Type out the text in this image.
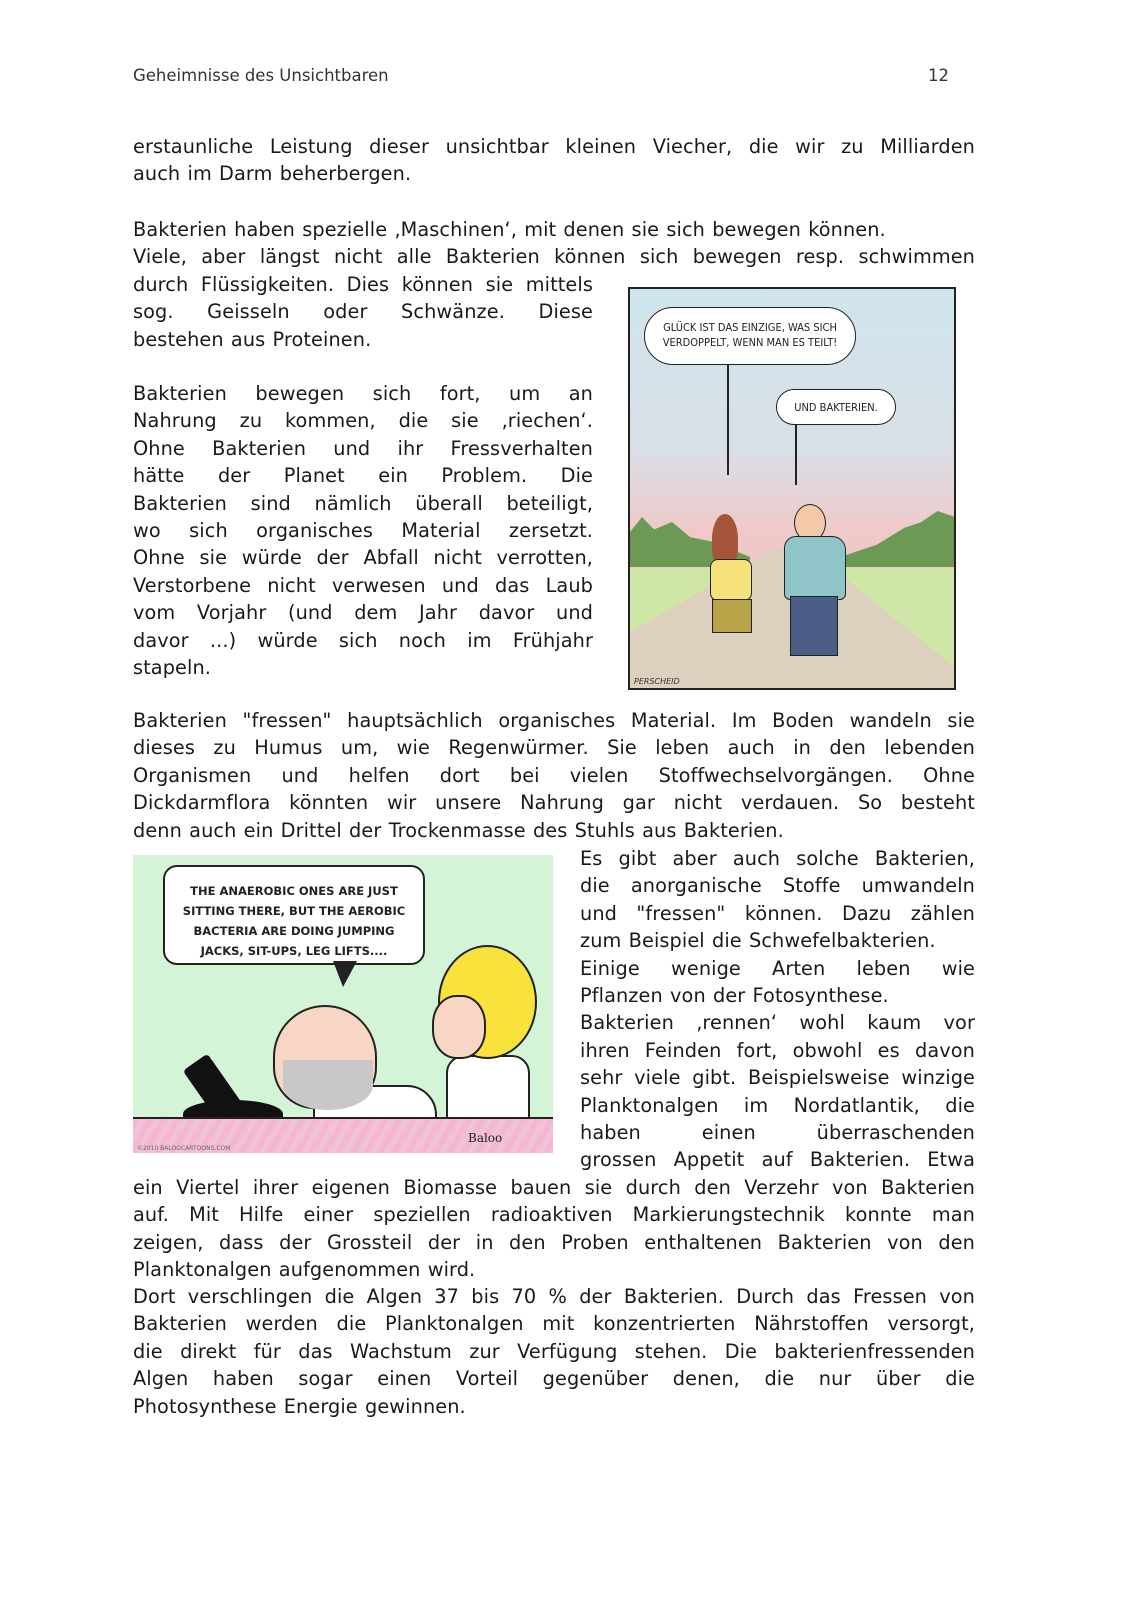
Geheimnisse des Unsichtbaren	12
erstaunliche Leistung dieser unsichtbar kleinen Viecher, die wir zu Milliarden
auch im Darm beherbergen.
Bakterien haben spezielle ‚Maschinen‘, mit denen sie sich bewegen können.
Viele, aber längst nicht alle Bakterien können sich bewegen resp. schwimmen
durch Flüssigkeiten. Dies können sie mittels
sog. Geisseln oder Schwänze. Diese
bestehen aus Proteinen.
Bakterien bewegen sich fort, um an
Nahrung zu kommen, die sie ‚riechen‘.
Ohne Bakterien und ihr Fressverhalten
hätte der Planet ein Problem. Die
Bakterien sind nämlich überall beteiligt,
wo sich organisches Material zersetzt.
Ohne sie würde der Abfall nicht verrotten,
Verstorbene nicht verwesen und das Laub
vom Vorjahr (und dem Jahr davor und
davor ...) würde sich noch im Frühjahr
stapeln.
GLÜCK IST DAS EINZIGE, WAS SICH VERDOPPELT, WENN MAN ES TEILT!
UND BAKTERIEN.
PERSCHEID
Bakterien "fressen" hauptsächlich organisches Material. Im Boden wandeln sie
dieses zu Humus um, wie Regenwürmer. Sie leben auch in den lebenden
Organismen und helfen dort bei vielen Stoffwechselvorgängen. Ohne
Dickdarmflora könnten wir unsere Nahrung gar nicht verdauen. So besteht
denn auch ein Drittel der Trockenmasse des Stuhls aus Bakterien.
THE ANAEROBIC ONES ARE JUST
SITTING THERE, BUT THE AEROBIC
BACTERIA ARE DOING JUMPING
JACKS, SIT-UPS, LEG LIFTS....
Baloo
©2010 BALOOCARTOONS.COM
Es gibt aber auch solche Bakterien,
die anorganische Stoffe umwandeln
und "fressen" können. Dazu zählen
zum Beispiel die Schwefelbakterien.
Einige wenige Arten leben wie
Pflanzen von der Fotosynthese.
Bakterien ‚rennen‘ wohl kaum vor
ihren Feinden fort, obwohl es davon
sehr viele gibt. Beispielsweise winzige
Planktonalgen im Nordatlantik, die
haben einen überraschenden
grossen Appetit auf Bakterien. Etwa
ein Viertel ihrer eigenen Biomasse bauen sie durch den Verzehr von Bakterien
auf. Mit Hilfe einer speziellen radioaktiven Markierungstechnik konnte man
zeigen, dass der Grossteil der in den Proben enthaltenen Bakterien von den
Planktonalgen aufgenommen wird.
Dort verschlingen die Algen 37 bis 70 % der Bakterien. Durch das Fressen von
Bakterien werden die Planktonalgen mit konzentrierten Nährstoffen versorgt,
die direkt für das Wachstum zur Verfügung stehen. Die bakterienfressenden
Algen haben sogar einen Vorteil gegenüber denen, die nur über die
Photosynthese Energie gewinnen.
